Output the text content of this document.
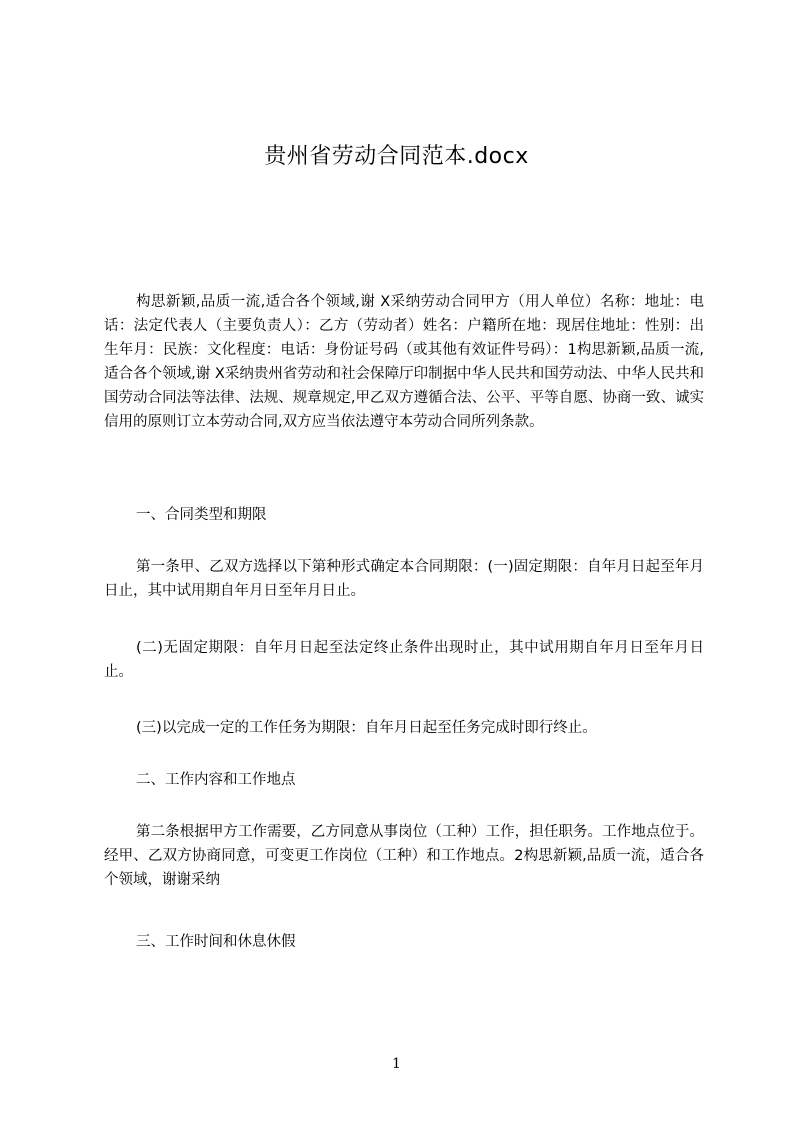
贵州省劳动合同范本.docx
构思新颖,品质一流,适合各个领域,谢 X采纳劳动合同甲方（用人单位）名称：地址：电话：法定代表人（主要负责人）：乙方（劳动者）姓名：户籍所在地：现居住地址：性别：出生年月：民族：文化程度：电话：身份证号码（或其他有效证件号码）：1构思新颖,品质一流,适合各个领域,谢 X采纳贵州省劳动和社会保障厅印制据中华人民共和国劳动法、中华人民共和国劳动合同法等法律、法规、规章规定,甲乙双方遵循合法、公平、平等自愿、协商一致、诚实信用的原则订立本劳动合同,双方应当依法遵守本劳动合同所列条款。
一、合同类型和期限
第一条甲、乙双方选择以下第种形式确定本合同期限：(一)固定期限：自年月日起至年月日止，其中试用期自年月日至年月日止。
(二)无固定期限：自年月日起至法定终止条件出现时止，其中试用期自年月日至年月日止。
(三)以完成一定的工作任务为期限：自年月日起至任务完成时即行终止。
二、工作内容和工作地点
第二条根据甲方工作需要，乙方同意从事岗位（工种）工作，担任职务。工作地点位于。经甲、乙双方协商同意，可变更工作岗位（工种）和工作地点。2构思新颖,品质一流，适合各个领域，谢谢采纳
三、工作时间和休息休假
1
